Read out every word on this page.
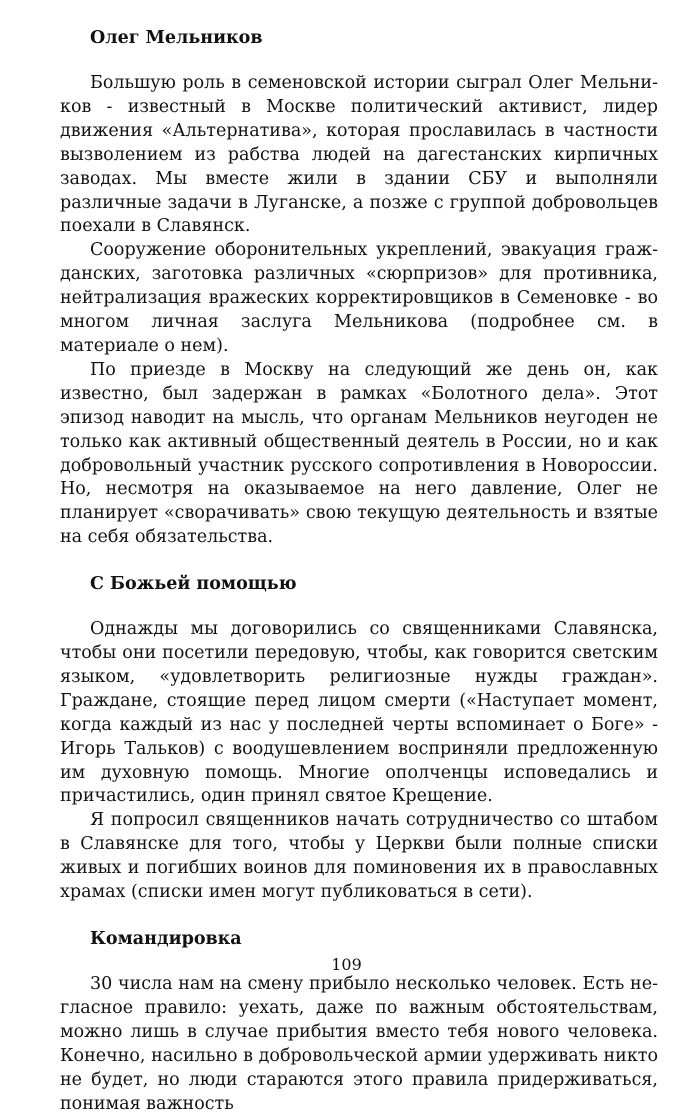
Олег Мельников

Большую роль в семеновской истории сыграл Олег Мельников - известный в Москве политический активист, лидер движения «Альтернатива», которая прославилась в частности вызволением из рабства людей на дагестанских кирпичных заводах. Мы вместе жили в здании СБУ и выполняли различные задачи в Луганске, а позже с группой добровольцев поехали в Славянск.

Сооружение оборонительных укреплений, эвакуация гражданских, заготовка различных «сюрпризов» для противника, нейтрализация вражеских корректировщиков в Семеновке - во многом личная заслуга Мельникова (подробнее см. в материале о нем).

По приезде в Москву на следующий же день он, как известно, был задержан в рамках «Болотного дела». Этот эпизод наводит на мысль, что органам Мельников неугоден не только как активный общественный деятель в России, но и как добровольный участник русского сопротивления в Новороссии. Но, несмотря на оказываемое на него давление, Олег не планирует «сворачивать» свою текущую деятельность и взятые на себя обязательства.

С Божьей помощью

Однажды мы договорились со священниками Славянска, чтобы они посетили передовую, чтобы, как говорится светским языком, «удовлетворить религиозные нужды граждан». Граждане, стоящие перед лицом смерти («Наступает момент, когда каждый из нас у последней черты вспоминает о Боге» - Игорь Тальков) с воодушевлением восприняли предложенную им духовную помощь. Многие ополченцы исповедались и причастились, один принял святое Крещение.

Я попросил священников начать сотрудничество со штабом в Славянске для того, чтобы у Церкви были полные списки живых и погибших воинов для поминовения их в православных храмах (списки имен могут публиковаться в сети).

Командировка

30 числа нам на смену прибыло несколько человек. Есть негласное правило: уехать, даже по важным обстоятельствам, можно лишь в случае прибытия вместо тебя нового человека. Конечно, насильно в добровольческой армии удерживать никто не будет, но люди стараются этого правила придерживаться, понимая важность

109
